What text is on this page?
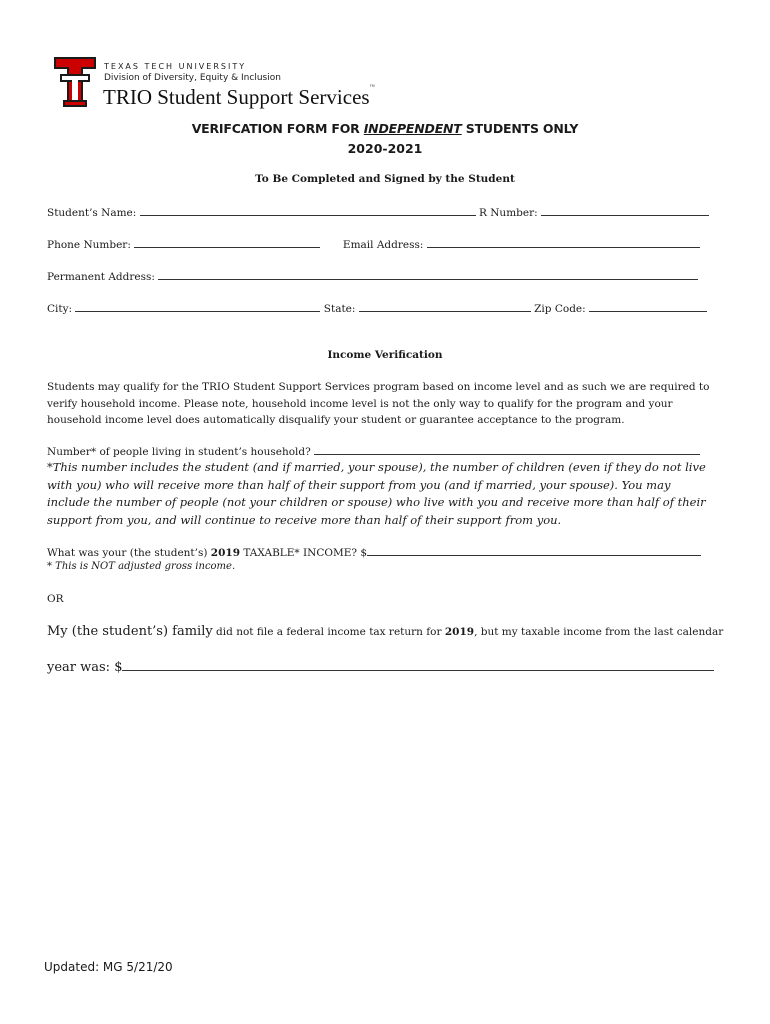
TEXAS TECH UNIVERSITY
Division of Diversity, Equity & Inclusion
TRIO Student Support Services™
VERIFCATION FORM FOR INDEPENDENT STUDENTS ONLY
2020-2021
To Be Completed and Signed by the Student
Student’s Name:	R Number:
Phone Number:	Email Address:
Permanent Address:
City:	State:	Zip Code:
Income Verification
Students may qualify for the TRIO Student Support Services program based on income level and as such we are required to verify household income. Please note, household income level is not the only way to qualify for the program and your household income level does automatically disqualify your student or guarantee acceptance to the program.
Number* of people living in student’s household?
*This number includes the student (and if married, your spouse), the number of children (even if they do not live with you) who will receive more than half of their support from you (and if married, your spouse). You may include the number of people (not your children or spouse) who live with you and receive more than half of their support from you, and will continue to receive more than half of their support from you.
What was your (the student’s) 2019 TAXABLE* INCOME? $
* This is NOT adjusted gross income.
OR
My (the student’s) family did not file a federal income tax return for 2019, but my taxable income from the last calendar
year was: $
Updated: MG 5/21/20
